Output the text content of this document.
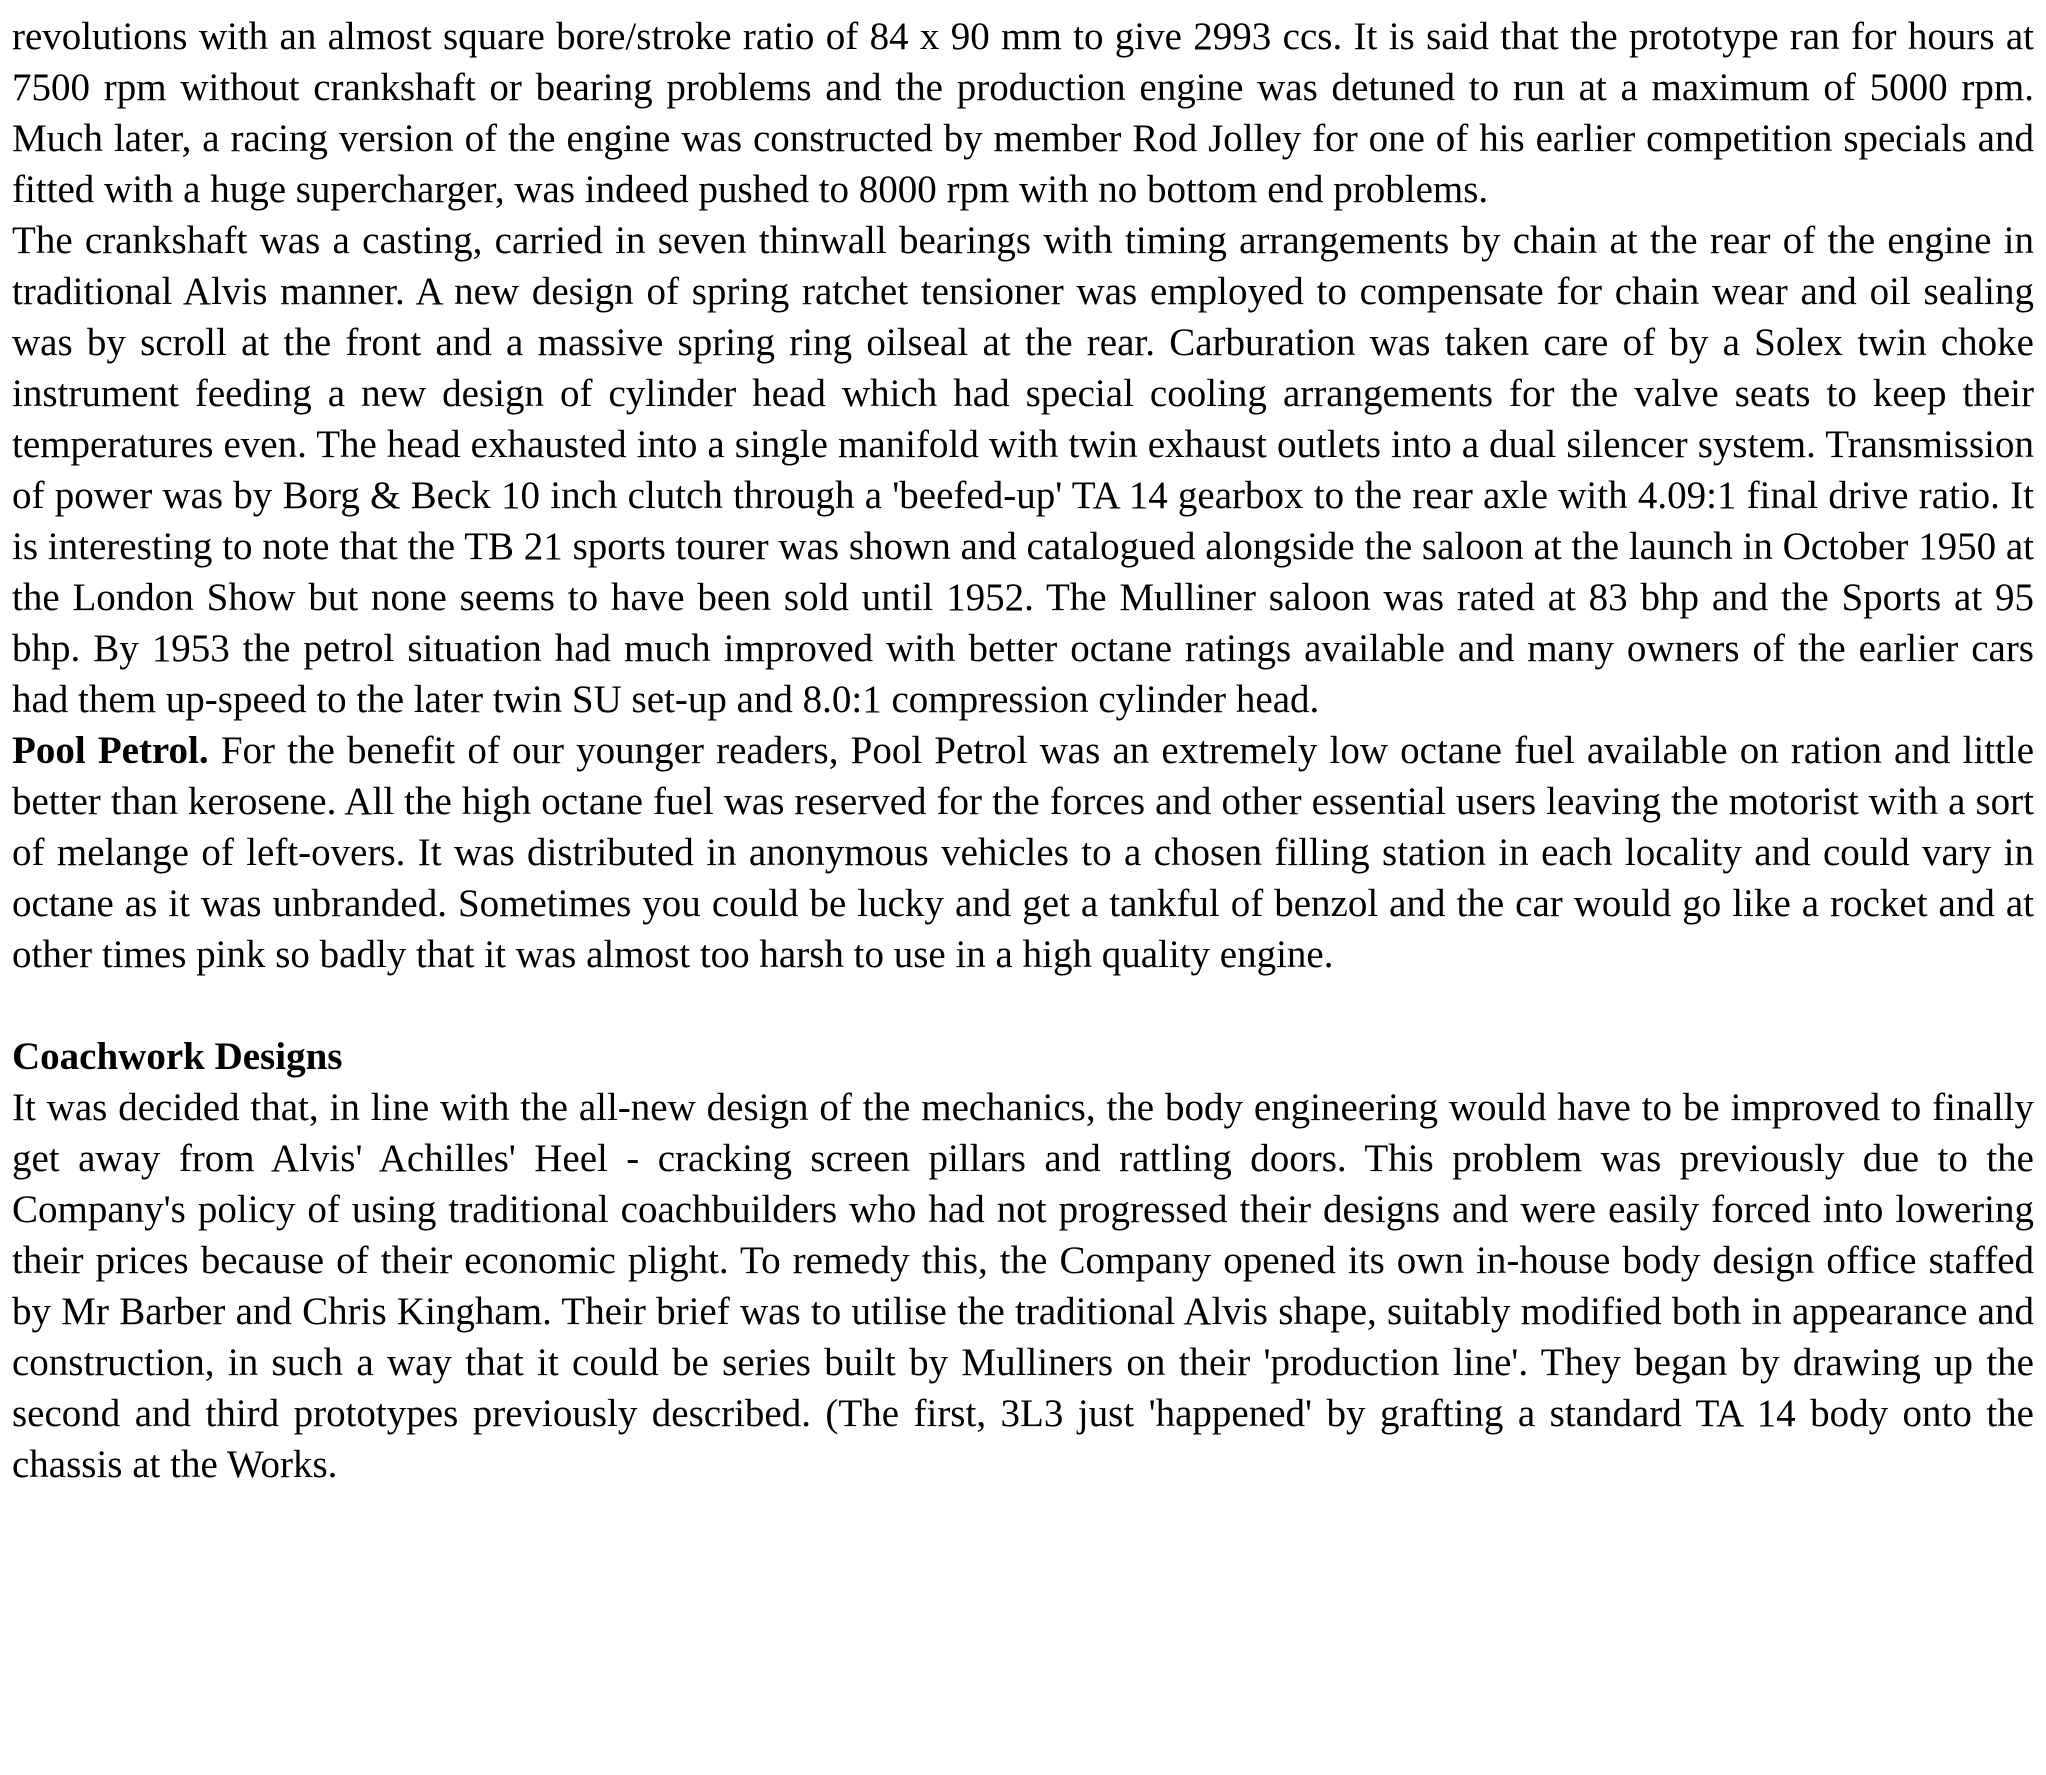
revolutions with an almost square bore/stroke ratio of 84 x 90 mm to give 2993 ccs. It is said that the prototype ran for hours at 7500 rpm without crankshaft or bearing problems and the production engine was detuned to run at a maximum of 5000 rpm. Much later, a racing version of the engine was constructed by member Rod Jolley for one of his earlier competition specials and fitted with a huge supercharger, was indeed pushed to 8000 rpm with no bottom end problems.

The crankshaft was a casting, carried in seven thinwall bearings with timing arrangements by chain at the rear of the engine in traditional Alvis manner. A new design of spring ratchet tensioner was employed to compensate for chain wear and oil sealing was by scroll at the front and a massive spring ring oilseal at the rear. Carburation was taken care of by a Solex twin choke instrument feeding a new design of cylinder head which had special cooling arrangements for the valve seats to keep their temperatures even. The head exhausted into a single manifold with twin exhaust outlets into a dual silencer system. Transmission of power was by Borg & Beck 10 inch clutch through a 'beefed-up' TA 14 gearbox to the rear axle with 4.09:1 final drive ratio. It is interesting to note that the TB 21 sports tourer was shown and catalogued alongside the saloon at the launch in October 1950 at the London Show but none seems to have been sold until 1952. The Mulliner saloon was rated at 83 bhp and the Sports at 95 bhp. By 1953 the petrol situation had much improved with better octane ratings available and many owners of the earlier cars had them up-speed to the later twin SU set-up and 8.0:1 compression cylinder head.

Pool Petrol. For the benefit of our younger readers, Pool Petrol was an extremely low octane fuel available on ration and little better than kerosene. All the high octane fuel was reserved for the forces and other essential users leaving the motorist with a sort of melange of left-overs. It was distributed in anonymous vehicles to a chosen filling station in each locality and could vary in octane as it was unbranded. Sometimes you could be lucky and get a tankful of benzol and the car would go like a rocket and at other times pink so badly that it was almost too harsh to use in a high quality engine.

Coachwork Designs

It was decided that, in line with the all-new design of the mechanics, the body engineering would have to be improved to finally get away from Alvis' Achilles' Heel - cracking screen pillars and rattling doors. This problem was previously due to the Company's policy of using traditional coachbuilders who had not progressed their designs and were easily forced into lowering their prices because of their economic plight. To remedy this, the Company opened its own in-house body design office staffed by Mr Barber and Chris Kingham. Their brief was to utilise the traditional Alvis shape, suitably modified both in appearance and construction, in such a way that it could be series built by Mulliners on their 'production line'. They began by drawing up the second and third prototypes previously described. (The first, 3L3 just 'happened' by grafting a standard TA 14 body onto the chassis at the Works.
